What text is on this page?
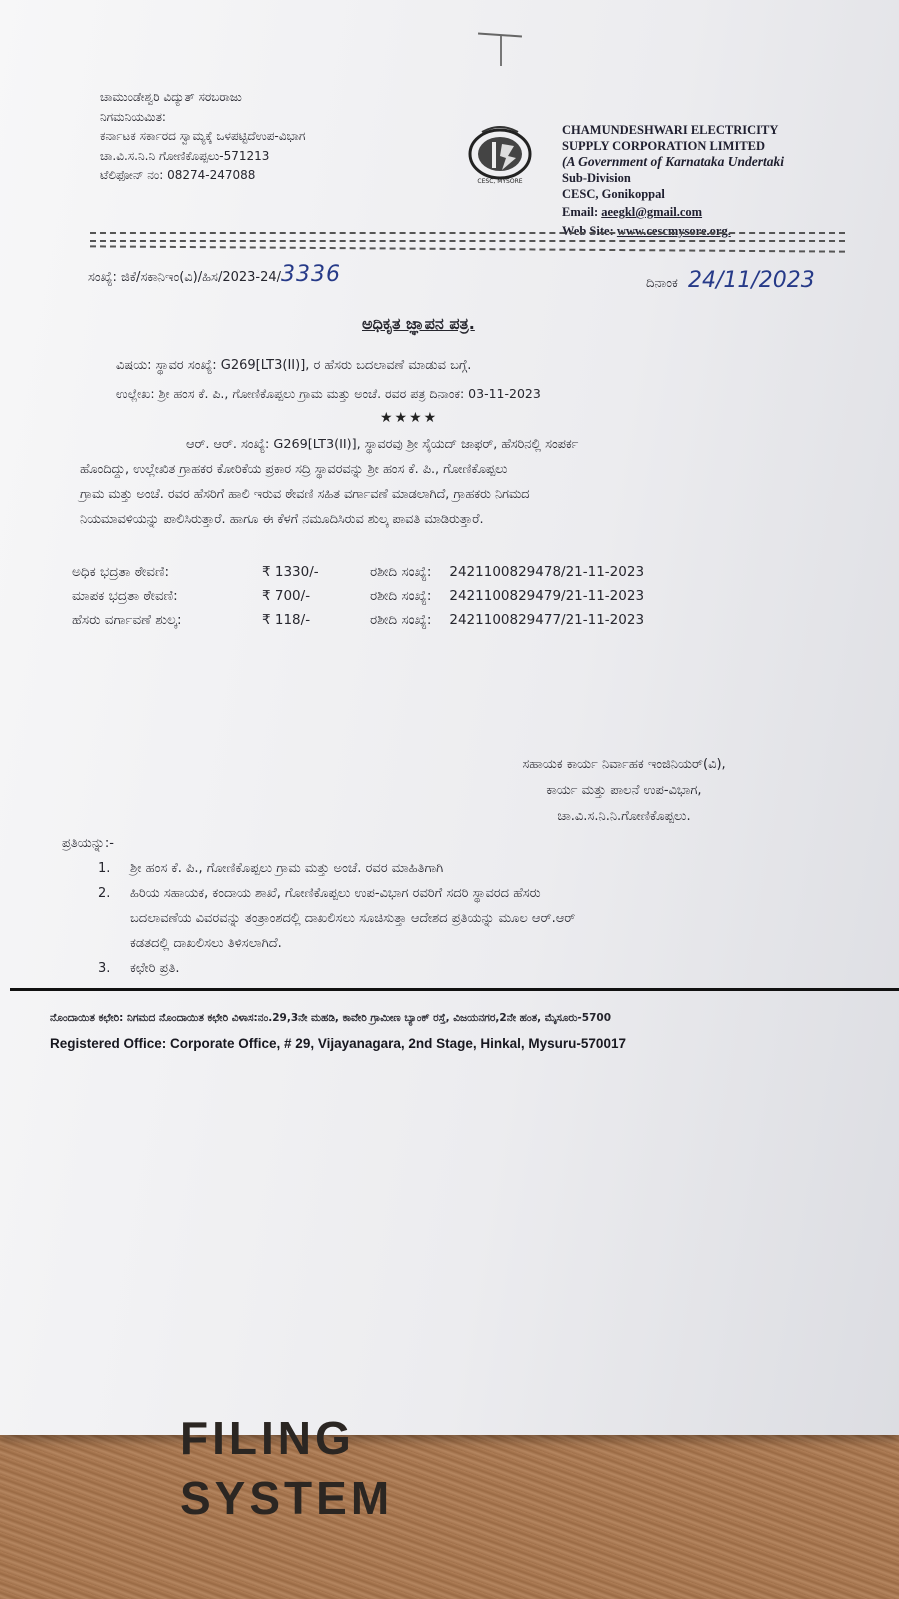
ಚಾಮುಂಡೇಶ್ವರಿ ವಿದ್ಯುತ್ ಸರಬರಾಜು
ನಿಗಮನಿಯಮಿತ:
ಕರ್ನಾಟಕ ಸರ್ಕಾರದ ಸ್ವಾಮ್ಯಕ್ಕೆ ಒಳಪಟ್ಟಿದೆಉಪ-ವಿಭಾಗ
ಚಾ.ವಿ.ಸ.ನಿ.ನಿ ಗೋಣಿಕೊಪ್ಪಲು-571213
ಟೆಲಿಫೋನ್ ನಂ: 08274-247088	CESC, MYSORE
CHAMUNDESHWARI ELECTRICITY
SUPPLY CORPORATION LIMITED
(A Government of Karnataka Undertaki
Sub-Division
CESC, Gonikoppal
Email: aeegkl@gmail.com
Web Site: www.cescmysore.org.
ಸಂಖ್ಯೆ: ಜಿಕೆ/ಸಕಾನಿಇಂ(ವಿ)/ಹಿಸ/2023-24/3336	ದಿನಾಂಕ 24/11/2023
ಅಧಿಕೃತ ಜ್ಞಾಪನ ಪತ್ರ.
ವಿಷಯ: ಸ್ಥಾವರ ಸಂಖ್ಯೆ: G269[LT3(II)], ರ ಹೆಸರು ಬದಲಾವಣೆ ಮಾಡುವ ಬಗ್ಗೆ.
ಉಲ್ಲೇಖ: ಶ್ರೀ ಹಂಸ ಕೆ. ಪಿ., ಗೋಣಿಕೊಪ್ಪಲು ಗ್ರಾಮ ಮತ್ತು ಅಂಚೆ. ರವರ ಪತ್ರ ದಿನಾಂಕ: 03-11-2023
★★★★
ಆರ್. ಆರ್. ಸಂಖ್ಯೆ: G269[LT3(II)], ಸ್ಥಾವರವು ಶ್ರೀ ಸೈಯದ್ ಜಾಫರ್, ಹೆಸರಿನಲ್ಲಿ ಸಂಪರ್ಕ
ಹೊಂದಿದ್ದು, ಉಲ್ಲೇಖಿತ ಗ್ರಾಹಕರ ಕೋರಿಕೆಯ ಪ್ರಕಾರ ಸದ್ರಿ ಸ್ಥಾವರವನ್ನು ಶ್ರೀ ಹಂಸ ಕೆ. ಪಿ., ಗೋಣಿಕೊಪ್ಪಲು
ಗ್ರಾಮ ಮತ್ತು ಅಂಚೆ. ರವರ ಹೆಸರಿಗೆ ಹಾಲಿ ಇರುವ ಠೇವಣಿ ಸಹಿತ ವರ್ಗಾವಣೆ ಮಾಡಲಾಗಿದೆ, ಗ್ರಾಹಕರು ನಿಗಮದ
ನಿಯಮಾವಳಿಯನ್ನು ಪಾಲಿಸಿರುತ್ತಾರೆ. ಹಾಗೂ ಈ ಕೆಳಗೆ ನಮೂದಿಸಿರುವ ಶುಲ್ಕ ಪಾವತಿ ಮಾಡಿರುತ್ತಾರೆ.
ಅಧಿಕ ಭದ್ರತಾ ಠೇವಣಿ:	₹ 1330/-	ರಶೀದಿ ಸಂಖ್ಯೆ: 2421100829478/21-11-2023
ಮಾಪಕ ಭದ್ರತಾ ಠೇವಣಿ:	₹ 700/-	ರಶೀದಿ ಸಂಖ್ಯೆ: 2421100829479/21-11-2023
ಹೆಸರು ವರ್ಗಾವಣೆ ಶುಲ್ಕ:	₹ 118/-	ರಶೀದಿ ಸಂಖ್ಯೆ: 2421100829477/21-11-2023
ಸಹಾಯಕ ಕಾರ್ಯ ನಿರ್ವಾಹಕ ಇಂಜಿನಿಯರ್(ವಿ),
ಕಾರ್ಯ ಮತ್ತು ಪಾಲನೆ ಉಪ-ವಿಭಾಗ,
ಚಾ.ವಿ.ಸ.ನಿ.ನಿ.ಗೋಣಿಕೊಪ್ಪಲು.
ಪ್ರತಿಯನ್ನು:-
1.	ಶ್ರೀ ಹಂಸ ಕೆ. ಪಿ., ಗೋಣಿಕೊಪ್ಪಲು ಗ್ರಾಮ ಮತ್ತು ಅಂಚೆ. ರವರ ಮಾಹಿತಿಗಾಗಿ
2.	ಹಿರಿಯ ಸಹಾಯಕ, ಕಂದಾಯ ಶಾಖೆ, ಗೋಣಿಕೊಪ್ಪಲು ಉಪ-ವಿಭಾಗ ರವರಿಗೆ ಸದರಿ ಸ್ಥಾವರದ ಹೆಸರು
ಬದಲಾವಣೆಯ ವಿವರವನ್ನು ತಂತ್ರಾಂಶದಲ್ಲಿ ದಾಖಲಿಸಲು ಸೂಚಿಸುತ್ತಾ ಆದೇಶದ ಪ್ರತಿಯನ್ನು ಮೂಲ ಆರ್.ಆರ್
ಕಡತದಲ್ಲಿ ದಾಖಲಿಸಲು ತಿಳಿಸಲಾಗಿದೆ.
3.	ಕಛೇರಿ ಪ್ರತಿ.
ನೊಂದಾಯಿತ ಕಛೇರಿ: ನಿಗಮದ ನೊಂದಾಯಿತ ಕಛೇರಿ ವಿಳಾಸ:ನಂ.29,3ನೇ ಮಹಡಿ, ಕಾವೇರಿ ಗ್ರಾಮೀಣ ಬ್ಯಾಂಕ್ ರಸ್ತೆ, ವಿಜಯನಗರ,2ನೇ ಹಂತ, ಮೈಸೂರು-5700
Registered Office: Corporate Office, # 29, Vijayanagara, 2nd Stage, Hinkal, Mysuru-570017
FILING SYSTEM
